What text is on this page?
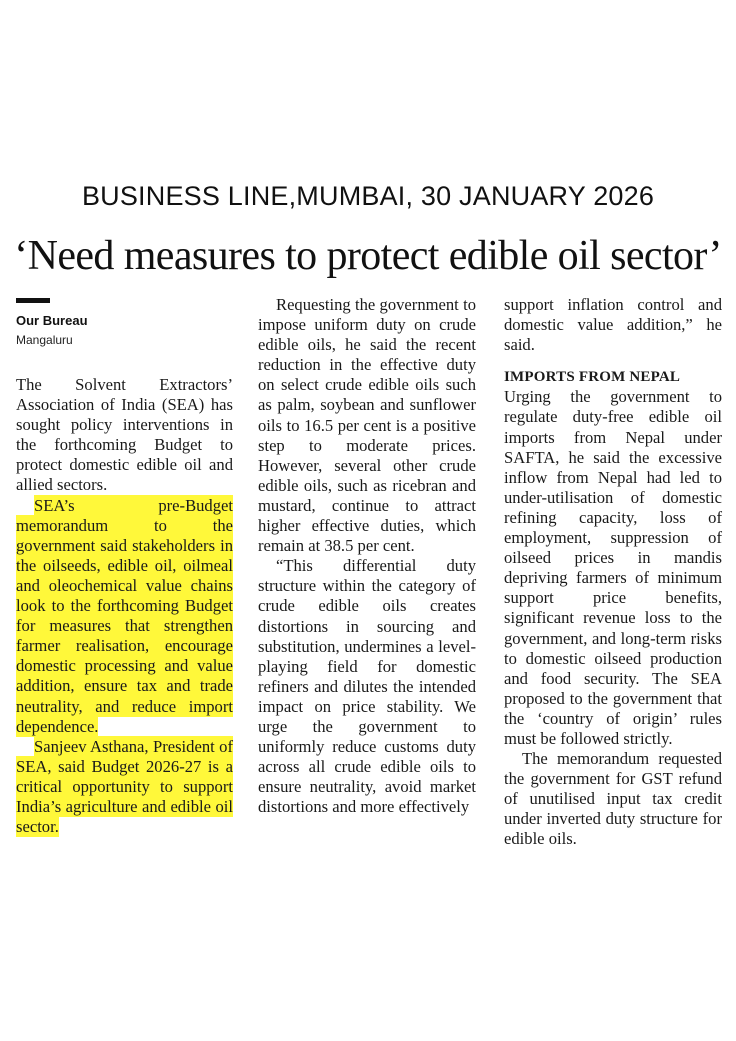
BUSINESS LINE,MUMBAI, 30 JANUARY 2026
‘Need measures to protect edible oil sector’
Our Bureau
Mangaluru

The Solvent Extractors’ Association of India (SEA) has sought policy interventions in the forthcoming Budget to protect domestic edible oil and allied sectors.

SEA’s pre-Budget memorandum to the government said stakeholders in the oilseeds, edible oil, oilmeal and oleochemical value chains look to the forthcoming Budget for measures that strengthen farmer realisation, encourage domestic processing and value addition, ensure tax and trade neutrality, and reduce import dependence.

Sanjeev Asthana, President of SEA, said Budget 2026-27 is a critical opportunity to support India’s agriculture and edible oil sector.

Requesting the government to impose uniform duty on crude edible oils, he said the recent reduction in the effective duty on select crude edible oils such as palm, soybean and sunflower oils to 16.5 per cent is a positive step to moderate prices. However, several other crude edible oils, such as ricebran and mustard, continue to attract higher effective duties, which remain at 38.5 per cent.

“This differential duty structure within the category of crude edible oils creates distortions in sourcing and substitution, undermines a level-playing field for domestic refiners and dilutes the intended impact on price stability. We urge the government to uniformly reduce customs duty across all crude edible oils to ensure neutrality, avoid market distortions and more effectively

support inflation control and domestic value addition,” he said.

IMPORTS FROM NEPAL

Urging the government to regulate duty-free edible oil imports from Nepal under SAFTA, he said the excessive inflow from Nepal had led to under-utilisation of domestic refining capacity, loss of employment, suppression of oilseed prices in mandis depriving farmers of minimum support price benefits, significant revenue loss to the government, and long-term risks to domestic oilseed production and food security. The SEA proposed to the government that the ‘country of origin’ rules must be followed strictly.

The memorandum requested the government for GST refund of unutilised input tax credit under inverted duty structure for edible oils.
